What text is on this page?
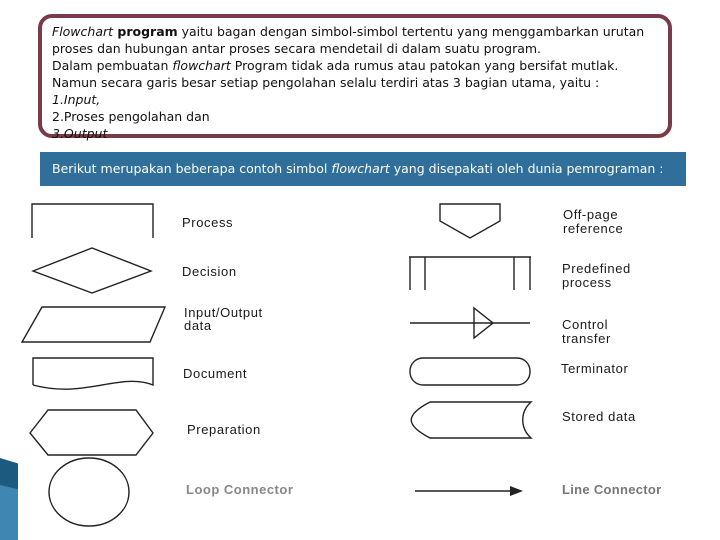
Flowchart program yaitu bagan dengan simbol-simbol tertentu yang menggambarkan urutan

proses dan hubungan antar proses secara mendetail di dalam suatu program.

Dalam pembuatan flowchart Program tidak ada rumus atau patokan yang bersifat mutlak.

Namun secara garis besar setiap pengolahan selalu terdiri atas 3 bagian utama, yaitu :

1.Input,

2.Proses pengolahan dan

3.Output

Berikut merupakan beberapa contoh simbol flowchart yang disepakati oleh dunia pemrograman :
Process
Decision
Input/Output
data
Document
Preparation
Loop Connector
Off-page
reference
Predefined
process
Control
transfer
Terminator
Stored data
Line Connector
